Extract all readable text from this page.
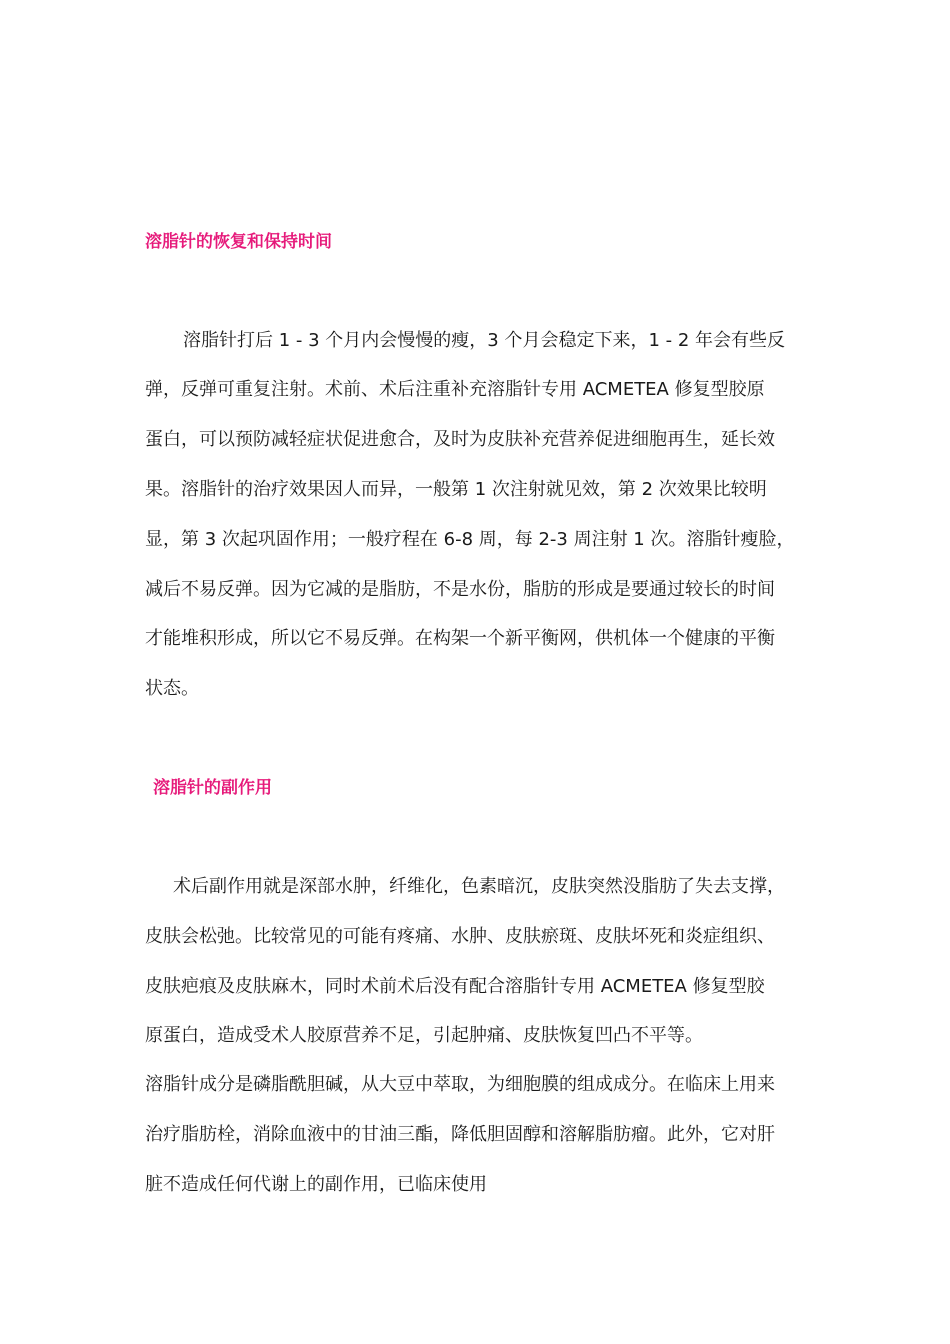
溶脂针的恢复和保持时间
溶脂针打后 1 - 3 个月内会慢慢的瘦，3 个月会稳定下来，1 - 2 年会有些反
弹，反弹可重复注射。术前、术后注重补充溶脂针专用 ACMETEA 修复型胶原
蛋白，可以预防减轻症状促进愈合，及时为皮肤补充营养促进细胞再生，延长效
果。溶脂针的治疗效果因人而异，一般第 1 次注射就见效，第 2 次效果比较明
显，第 3 次起巩固作用；一般疗程在 6-8 周，每 2-3 周注射 1 次。溶脂针瘦脸，
减后不易反弹。因为它减的是脂肪，不是水份，脂肪的形成是要通过较长的时间
才能堆积形成，所以它不易反弹。在构架一个新平衡网，供机体一个健康的平衡
状态。
溶脂针的副作用
术后副作用就是深部水肿，纤维化，色素暗沉，皮肤突然没脂肪了失去支撑，
皮肤会松弛。比较常见的可能有疼痛、水肿、皮肤瘀斑、皮肤坏死和炎症组织、
皮肤疤痕及皮肤麻木，同时术前术后没有配合溶脂针专用 ACMETEA 修复型胶
原蛋白，造成受术人胶原营养不足，引起肿痛、皮肤恢复凹凸不平等。
溶脂针成分是磷脂酰胆碱，从大豆中萃取，为细胞膜的组成成分。在临床上用来
治疗脂肪栓，消除血液中的甘油三酯，降低胆固醇和溶解脂肪瘤。此外，它对肝
脏不造成任何代谢上的副作用，已临床使用
